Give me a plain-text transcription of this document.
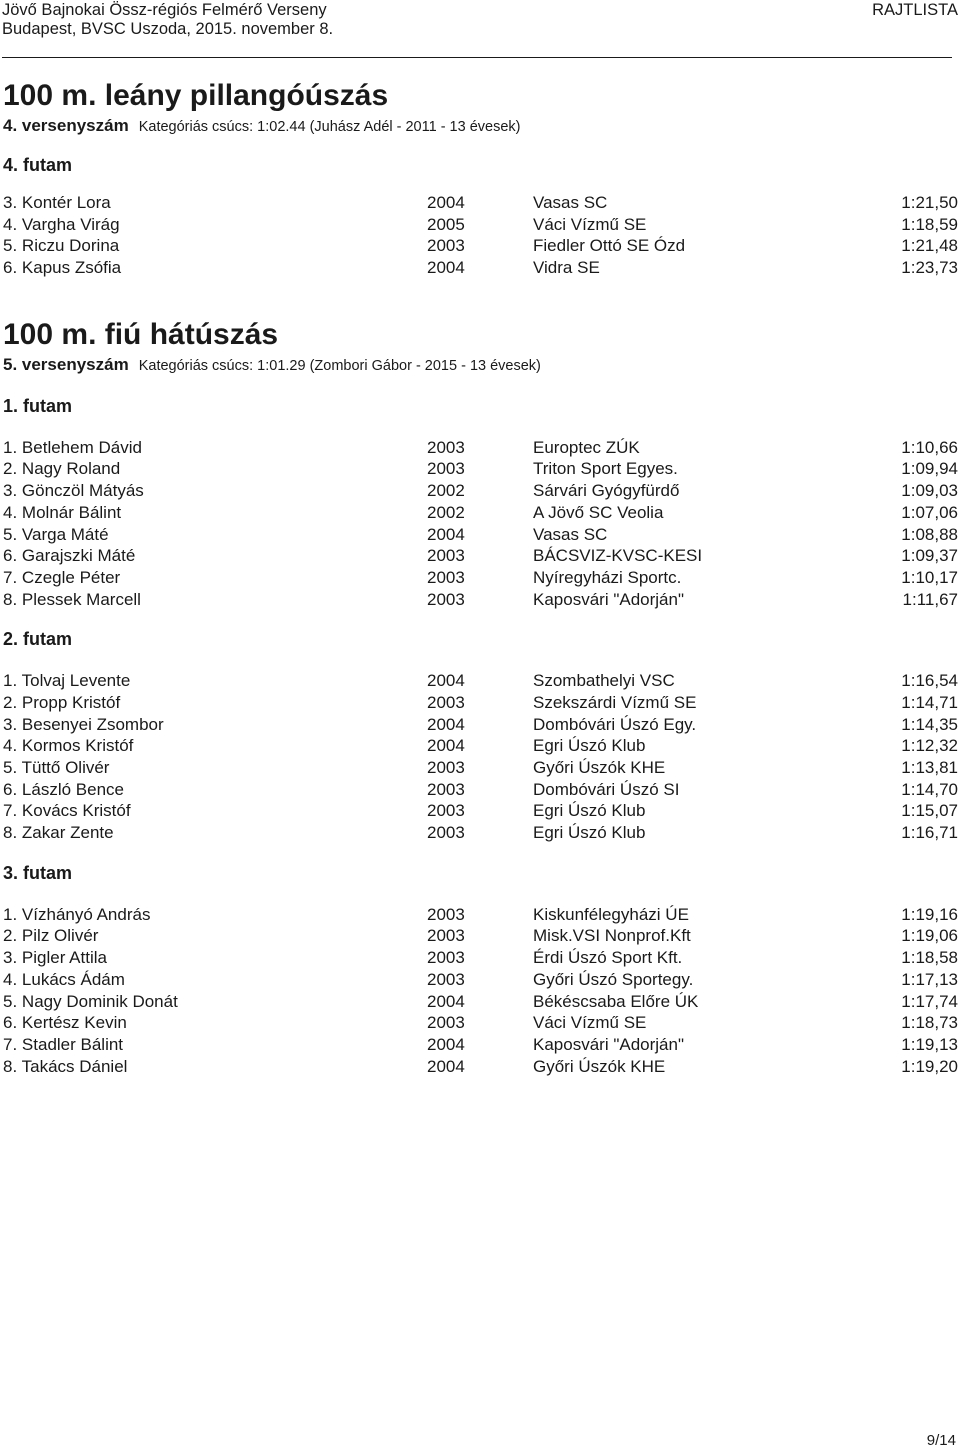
Jövő Bajnokai Össz-régiós Felmérő Verseny
Budapest, BVSC Uszoda, 2015. november 8.
RAJTLISTA
100 m. leány pillangóúszás
4. versenyszám Kategóriás csúcs: 1:02.44 (Juhász Adél - 2011 - 13 évesek)
4. futam
3. Kontér Lora	2004	Vasas SC	1:21,50
4. Vargha Virág	2005	Váci Vízmű SE	1:18,59
5. Riczu Dorina	2003	Fiedler Ottó SE Ózd	1:21,48
6. Kapus Zsófia	2004	Vidra SE	1:23,73
100 m. fiú hátúszás
5. versenyszám Kategóriás csúcs: 1:01.29 (Zombori Gábor - 2015 - 13 évesek)
1. futam
1. Betlehem Dávid	2003	Europtec ZÚK	1:10,66
2. Nagy Roland	2003	Triton Sport Egyes.	1:09,94
3. Gönczöl Mátyás	2002	Sárvári Gyógyfürdő	1:09,03
4. Molnár Bálint	2002	A Jövő SC Veolia	1:07,06
5. Varga Máté	2004	Vasas SC	1:08,88
6. Garajszki Máté	2003	BÁCSVIZ-KVSC-KESI	1:09,37
7. Czegle Péter	2003	Nyíregyházi Sportc.	1:10,17
8. Plessek Marcell	2003	Kaposvári "Adorján"	1:11,67
2. futam
1. Tolvaj Levente	2004	Szombathelyi VSC	1:16,54
2. Propp Kristóf	2003	Szekszárdi Vízmű SE	1:14,71
3. Besenyei Zsombor	2004	Dombóvári Úszó Egy.	1:14,35
4. Kormos Kristóf	2004	Egri Úszó Klub	1:12,32
5. Tüttő Olivér	2003	Győri Úszók KHE	1:13,81
6. László Bence	2003	Dombóvári Úszó SI	1:14,70
7. Kovács Kristóf	2003	Egri Úszó Klub	1:15,07
8. Zakar Zente	2003	Egri Úszó Klub	1:16,71
3. futam
1. Vízhányó András	2003	Kiskunfélegyházi ÚE	1:19,16
2. Pilz Olivér	2003	Misk.VSI Nonprof.Kft	1:19,06
3. Pigler Attila	2003	Érdi Úszó Sport Kft.	1:18,58
4. Lukács Ádám	2003	Győri Úszó Sportegy.	1:17,13
5. Nagy Dominik Donát	2004	Békéscsaba Előre ÚK	1:17,74
6. Kertész Kevin	2003	Váci Vízmű SE	1:18,73
7. Stadler Bálint	2004	Kaposvári "Adorján"	1:19,13
8. Takács Dániel	2004	Győri Úszók KHE	1:19,20
9/14
